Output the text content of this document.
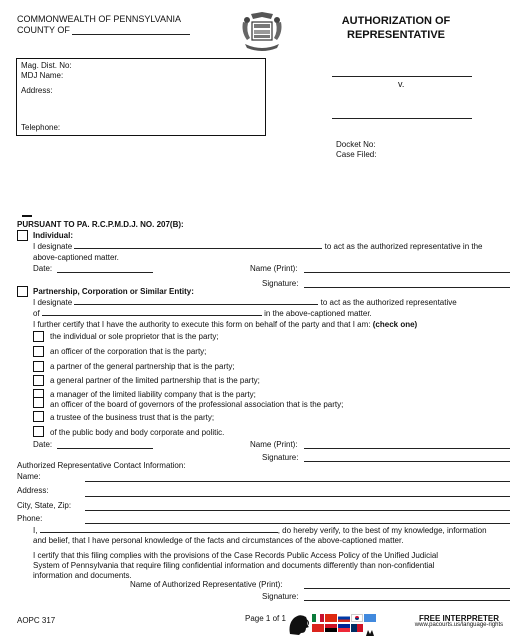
COMMONWEALTH OF PENNSYLVANIA
COUNTY OF
AUTHORIZATION OF
REPRESENTATIVE
Mag. Dist. No:
MDJ Name:
Address:
Telephone:
v.
Docket No:
Case Filed:
PURSUANT TO PA. R.C.P.M.D.J. NO. 207(B):
Individual:
I designate	to act as the authorized representative in the
above-captioned matter.
Date:	Name (Print):
Signature:
Partnership, Corporation or Similar Entity:
I designate	to act as the authorized representative
of	in the above-captioned matter.
I further certify that I have the authority to execute this form on behalf of the party and that I am: (check one)
the individual or sole proprietor that is the party;
an officer of the corporation that is the party;
a partner of the general partnership that is the party;
a general partner of the limited partnership that is the party;
a manager of the limited liability company that is the party;
an officer of the board of governors of the professional association that is the party;
a trustee of the business trust that is the party;
of the public body and body corporate and politic.
Date:	Name (Print):
Signature:
Authorized Representative Contact Information:
Name:
Address:
City, State, Zip:
Phone:
I,	, do hereby verify, to the best of my knowledge, information
and belief, that I have personal knowledge of the facts and circumstances of the above-captioned matter.
I certify that this filing complies with the provisions of the Case Records Public Access Policy of the Unified Judicial
System of Pennsylvania that require filing confidential information and documents differently than non-confidential
information and documents.
Name of Authorized Representative (Print):
Signature:
AOPC 317	Page 1 of 1	FREE INTERPRETER
www.pacourts.us/language-rights
